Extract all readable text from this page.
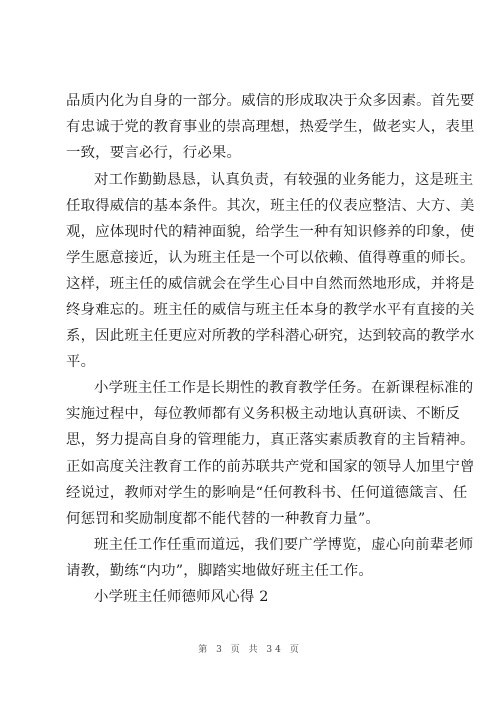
品质内化为自身的一部分。威信的形成取决于众多因素。首先要
有忠诚于党的教育事业的崇高理想，热爱学生，做老实人，表里
一致，要言必行，行必果。
对工作勤勤恳恳，认真负责，有较强的业务能力，这是班主
任取得威信的基本条件。其次，班主任的仪表应整洁、大方、美
观，应体现时代的精神面貌，给学生一种有知识修养的印象，使
学生愿意接近，认为班主任是一个可以依赖、值得尊重的师长。
这样，班主任的威信就会在学生心目中自然而然地形成，并将是
终身难忘的。班主任的威信与班主任本身的教学水平有直接的关
系，因此班主任更应对所教的学科潜心研究，达到较高的教学水
平。
小学班主任工作是长期性的教育教学任务。在新课程标准的
实施过程中，每位教师都有义务积极主动地认真研读、不断反
思，努力提高自身的管理能力，真正落实素质教育的主旨精神。
正如高度关注教育工作的前苏联共产党和国家的领导人加里宁曾
经说过，教师对学生的影响是“任何教科书、任何道德箴言、任
何惩罚和奖励制度都不能代替的一种教育力量”。
班主任工作任重而道远，我们要广学博览，虚心向前辈老师
请教，勤练“内功”，脚踏实地做好班主任工作。
小学班主任师德师风心得 2
第 3 页 共 34 页
